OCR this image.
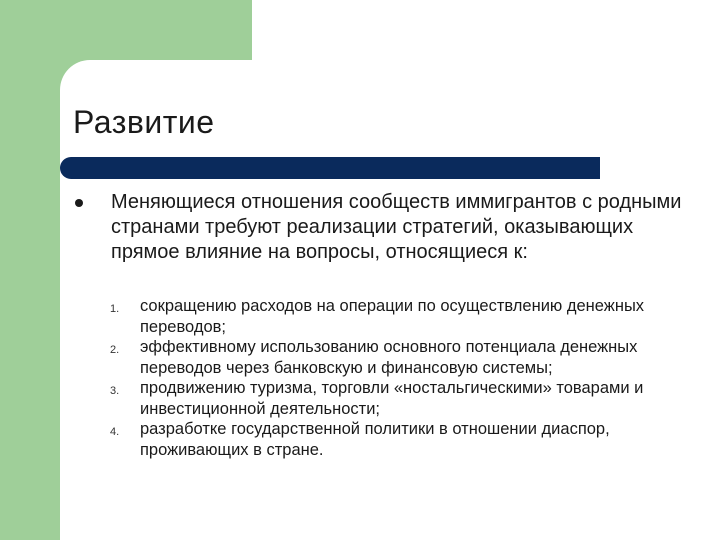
Развитие

Меняющиеся отношения сообществ иммигрантов с родными странами требуют реализации стратегий, оказывающих прямое влияние на вопросы, относящиеся к:

1. сокращению расходов на операции по осуществлению денежных переводов;
2. эффективному использованию основного потенциала денежных переводов через банковскую и финансовую системы;
3. продвижению туризма, торговли «ностальгическими» товарами и инвестиционной деятельности;
4. разработке государственной политики в отношении диаспор, проживающих в стране.
